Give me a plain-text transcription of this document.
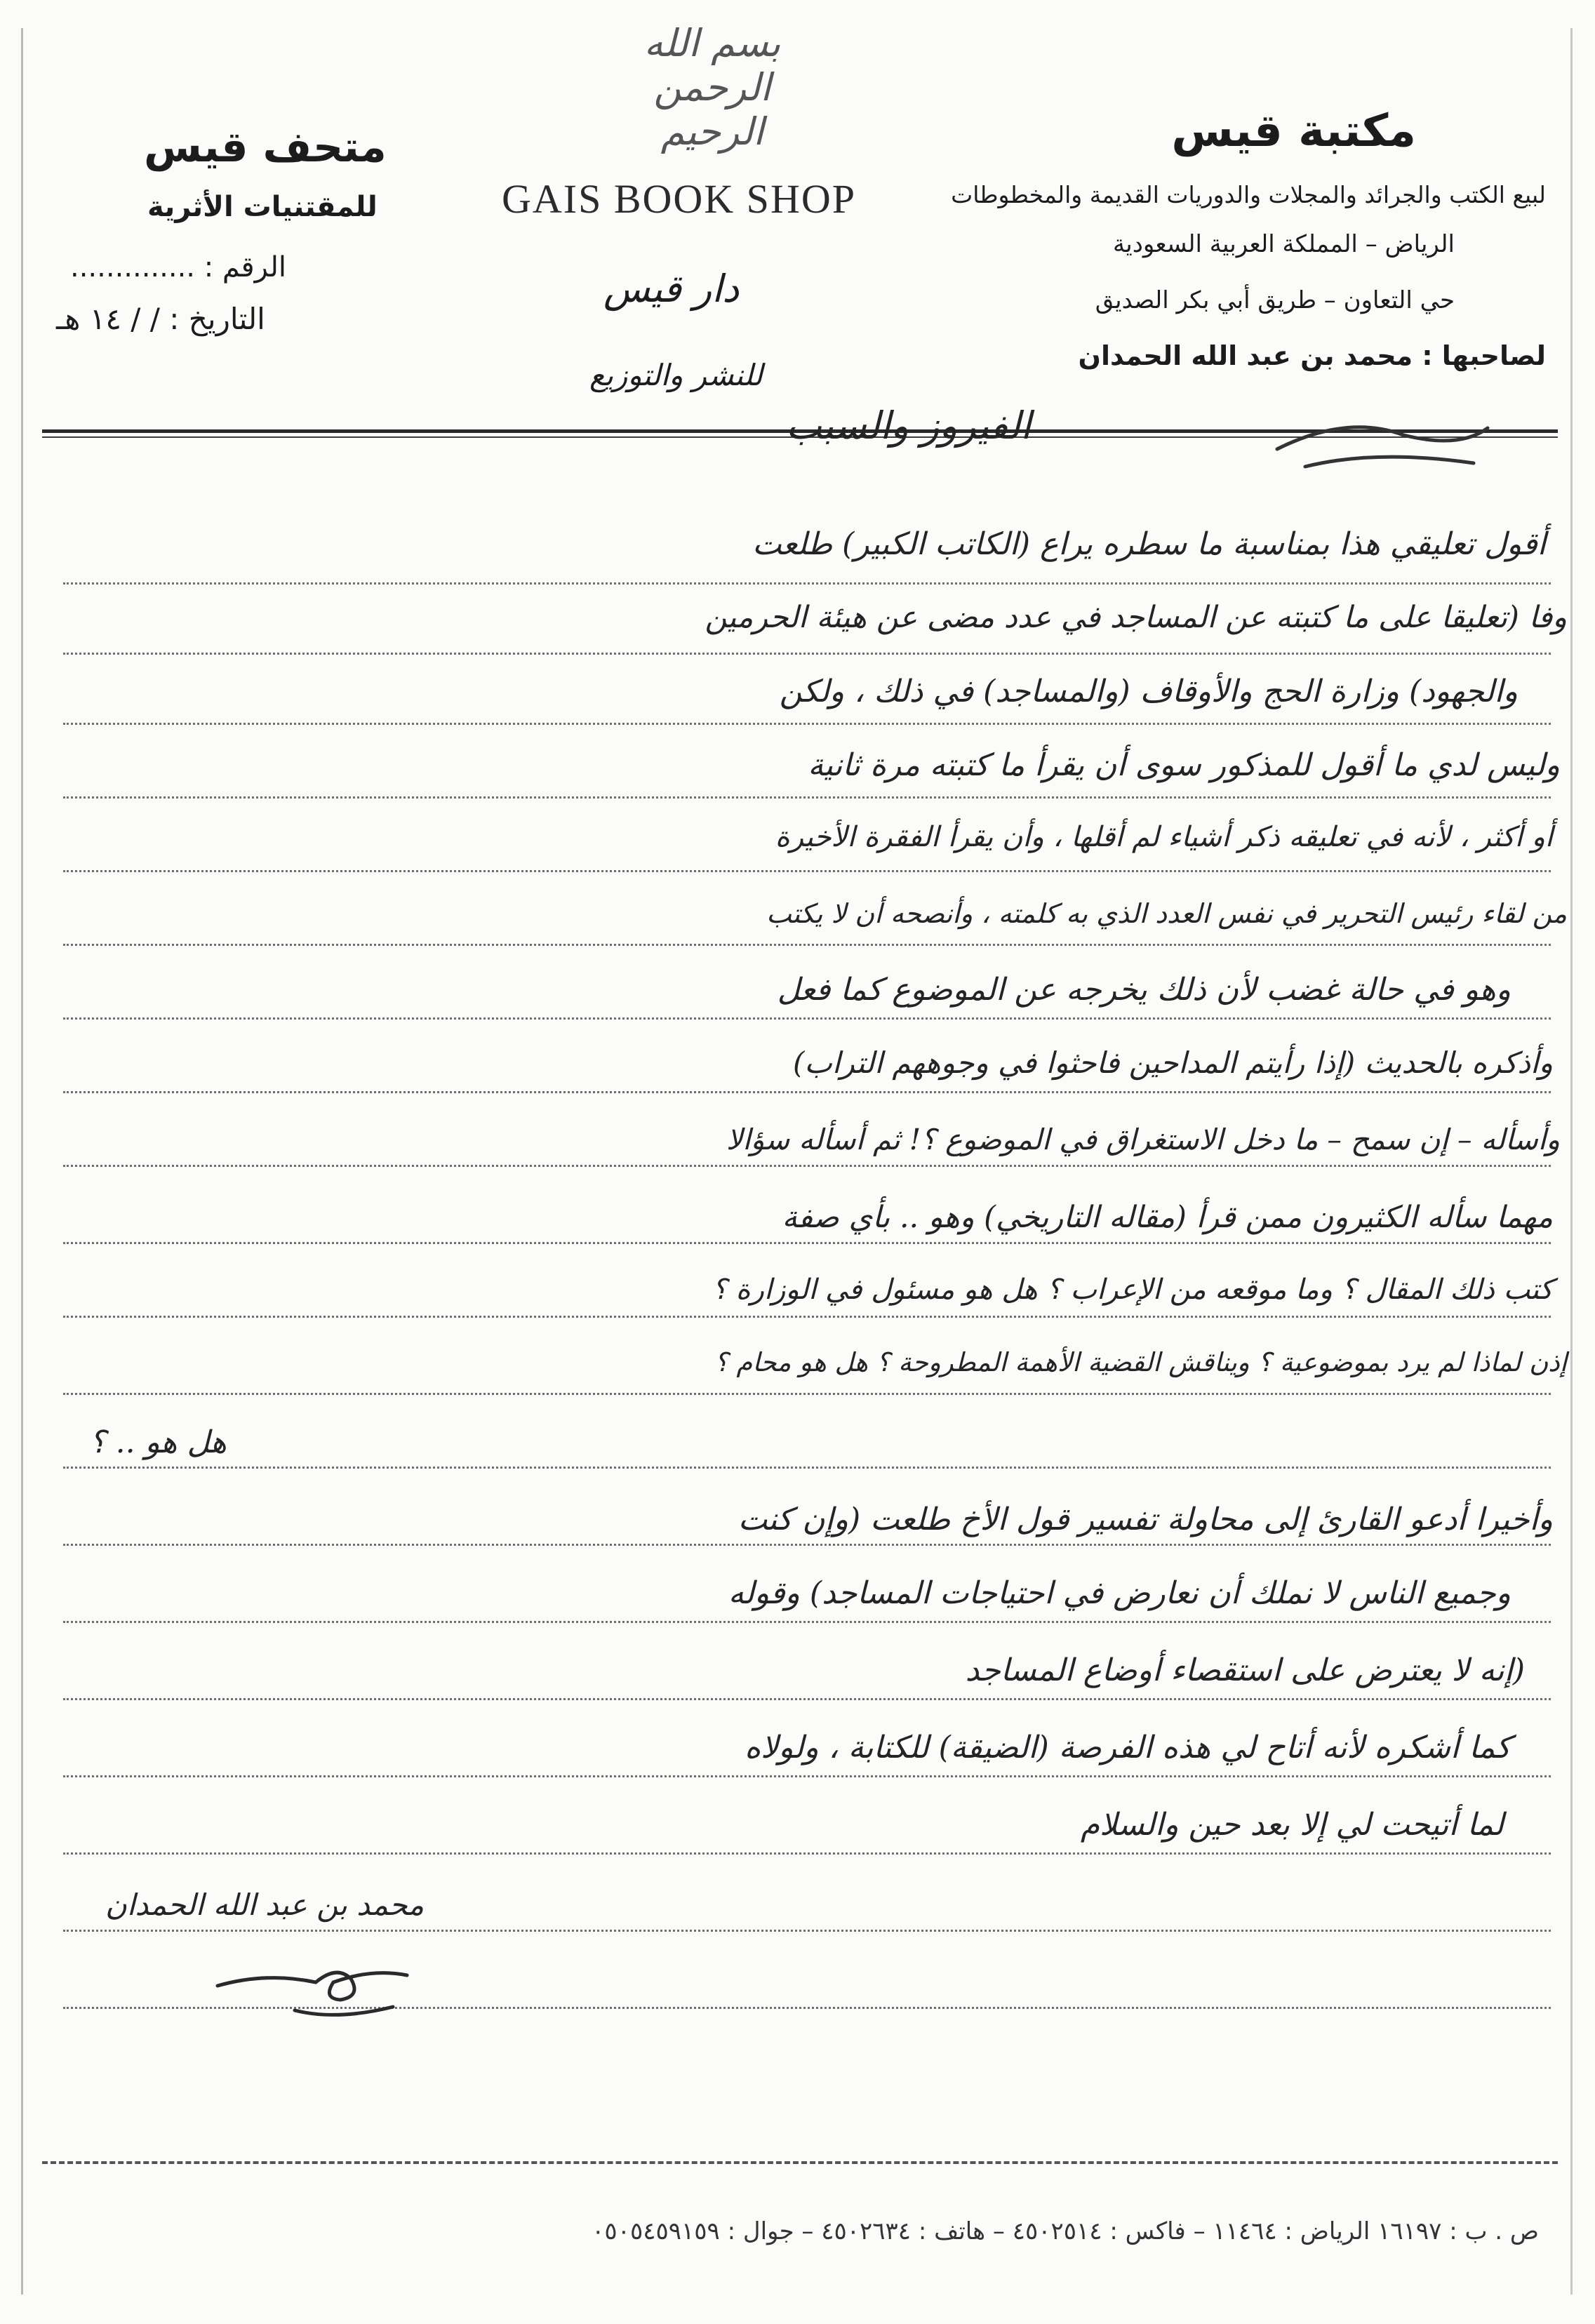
بسم الله الرحمن الرحيم	مكتبة قيس
لبيع الكتب والجرائد والمجلات والدوريات القديمة والمخطوطات
الرياض – المملكة العربية السعودية
حي التعاون – طريق أبي بكر الصديق
لصاحبها : محمد بن عبد الله الحمدان
GAIS BOOK SHOP
دار قيس
للنشر والتوزيع
متحف قيس
للمقتنيات الأثرية
الرقم : ..............
التاريخ : / / ١٤ هـ
الفيروز والسبب
أقول تعليقي هذا بمناسبة ما سطره يراع (الكاتب الكبير) طلعت
وفا (تعليقا على ما كتبته عن المساجد في عدد مضى عن هيئة الحرمين
والجهود) وزارة الحج والأوقاف (والمساجد) في ذلك ، ولكن
وليس لدي ما أقول للمذكور سوى أن يقرأ ما كتبته مرة ثانية
أو أكثر ، لأنه في تعليقه ذكر أشياء لم أقلها ، وأن يقرأ الفقرة الأخيرة
من لقاء رئيس التحرير في نفس العدد الذي به كلمته ، وأنصحه أن لا يكتب
وهو في حالة غضب لأن ذلك يخرجه عن الموضوع كما فعل
وأذكره بالحديث (إذا رأيتم المداحين فاحثوا في وجوههم التراب)
وأسأله – إن سمح – ما دخل الاستغراق في الموضوع ؟! ثم أسأله سؤالا
مهما سأله الكثيرون ممن قرأ (مقاله التاريخي) وهو .. بأي صفة
كتب ذلك المقال ؟ وما موقعه من الإعراب ؟ هل هو مسئول في الوزارة ؟
إذن لماذا لم يرد بموضوعية ؟ ويناقش القضية الأهمة المطروحة ؟ هل هو محام ؟
هل هو .. ؟
وأخيرا أدعو القارئ إلى محاولة تفسير قول الأخ طلعت (وإن كنت
وجميع الناس لا نملك أن نعارض في احتياجات المساجد) وقوله
(إنه لا يعترض على استقصاء أوضاع المساجد
كما أشكره لأنه أتاح لي هذه الفرصة (الضيقة) للكتابة ، ولولاه
لما أتيحت لي إلا بعد حين والسلام
محمد بن عبد الله الحمدان
ص . ب : ١٦١٩٧ الرياض : ١١٤٦٤ – فاكس : ٤٥٠٢٥١٤ – هاتف : ٤٥٠٢٦٣٤ – جوال : ٠٥٠٥٤٥٩١٥٩
